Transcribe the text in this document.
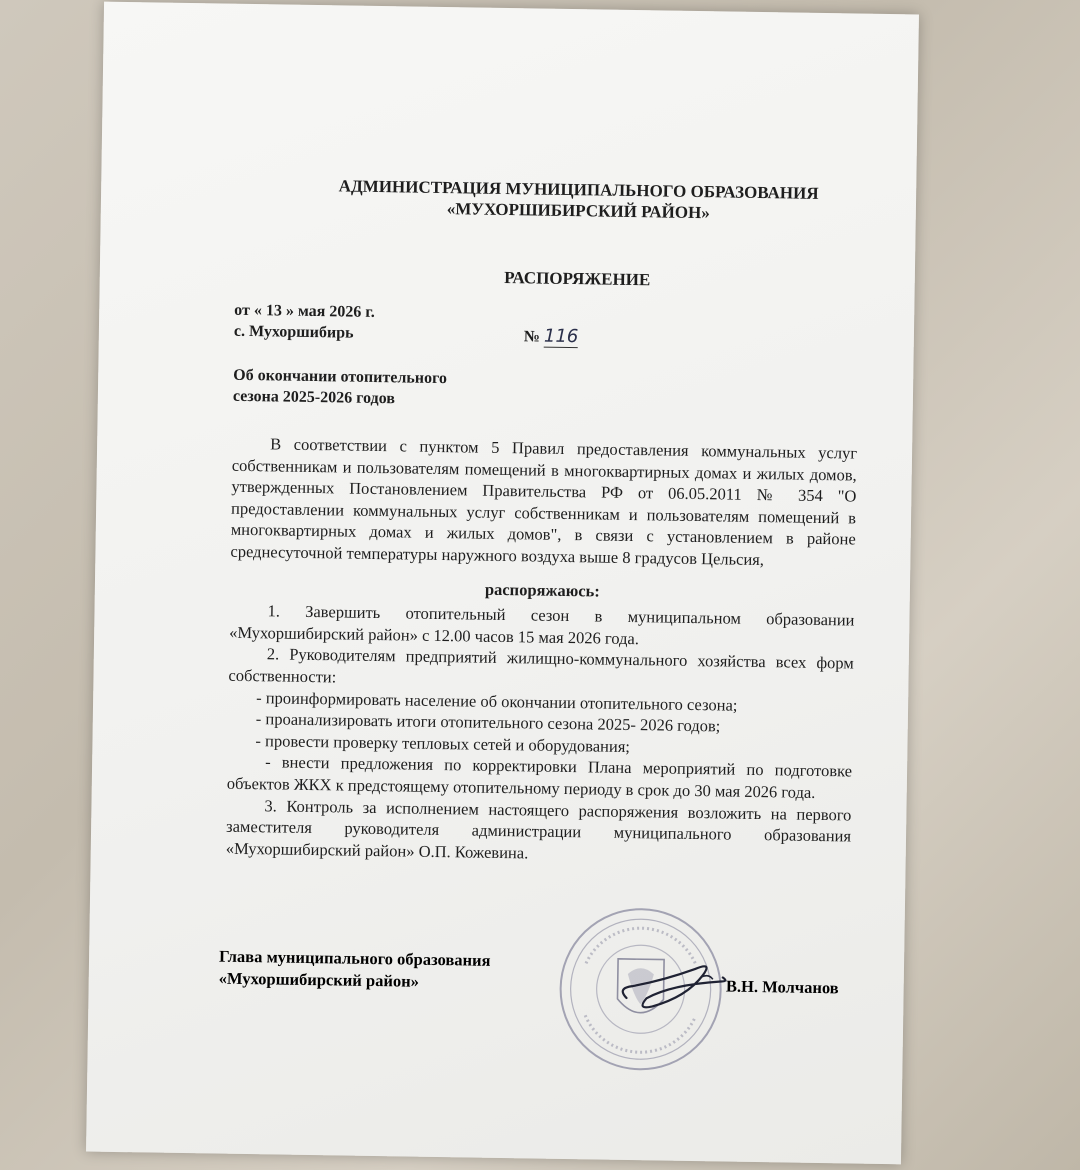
АДМИНИСТРАЦИЯ МУНИЦИПАЛЬНОГО ОБРАЗОВАНИЯ
«МУХОРШИБИРСКИЙ РАЙОН»
РАСПОРЯЖЕНИЕ
от « 13 » мая 2026 г.
с. Мухоршибирь	№ 116
Об окончании отопительного
сезона 2025-2026 годов
В соответствии с пунктом 5 Правил предоставления коммунальных услуг собственникам и пользователям помещений в многоквартирных домах и жилых домов, утвержденных Постановлением Правительства РФ от 06.05.2011 № 354 "О предоставлении коммунальных услуг собственникам и пользователям помещений в многоквартирных домах и жилых домов", в связи с установлением в районе среднесуточной температуры наружного воздуха выше 8 градусов Цельсия,
распоряжаюсь:
1. Завершить отопительный сезон в муниципальном образовании «Мухоршибирский район» с 12.00 часов 15 мая 2026 года.
2. Руководителям предприятий жилищно-коммунального хозяйства всех форм собственности:
- проинформировать население об окончании отопительного сезона;
- проанализировать итоги отопительного сезона 2025- 2026 годов;
- провести проверку тепловых сетей и оборудования;
- внести предложения по корректировки Плана мероприятий по подготовке объектов ЖКХ к предстоящему отопительному периоду в срок до 30 мая 2026 года.
3. Контроль за исполнением настоящего распоряжения возложить на первого заместителя руководителя администрации муниципального образования «Мухоршибирский район» О.П. Кожевина.
Глава муниципального образования
«Мухоршибирский район»	В.Н. Молчанов
